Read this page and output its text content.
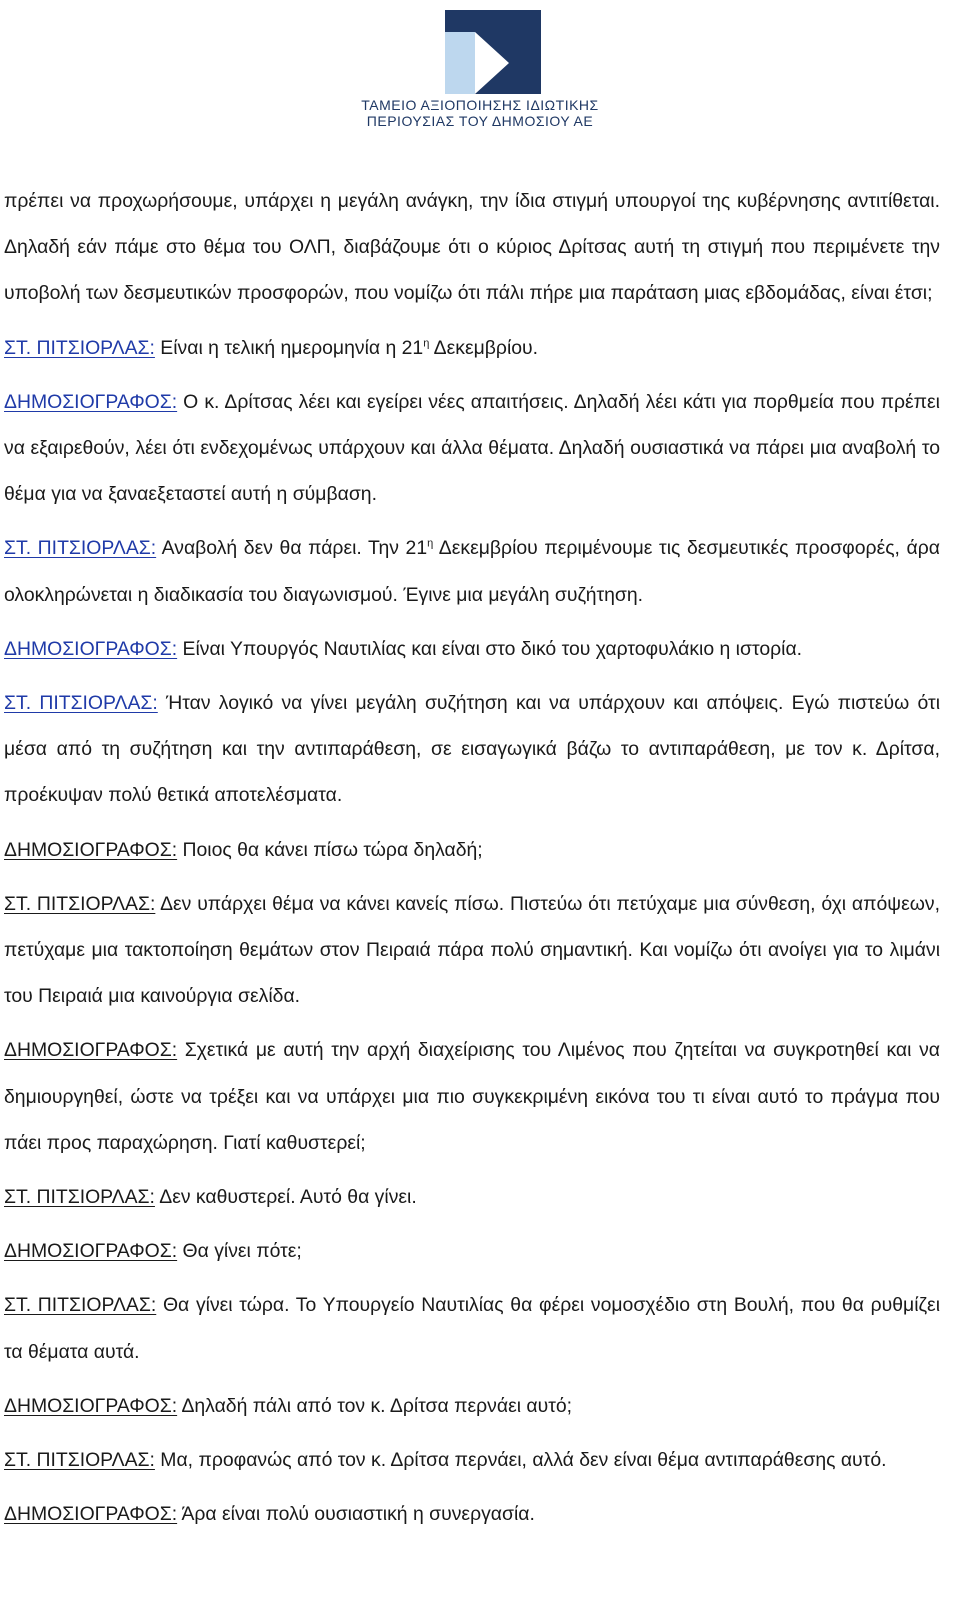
ΤΑΜΕΙΟ ΑΞΙΟΠΟΙΗΣΗΣ ΙΔΙΩΤΙΚΗΣ
ΠΕΡΙΟΥΣΙΑΣ ΤΟΥ ΔΗΜΟΣΙΟΥ ΑΕ

πρέπει να προχωρήσουμε, υπάρχει η μεγάλη ανάγκη, την ίδια στιγμή υπουργοί της κυβέρνησης αντιτίθεται. Δηλαδή εάν πάμε στο θέμα του ΟΛΠ, διαβάζουμε ότι ο κύριος Δρίτσας αυτή τη στιγμή που περιμένετε την υποβολή των δεσμευτικών προσφορών, που νομίζω ότι πάλι πήρε μια παράταση μιας εβδομάδας, είναι έτσι;

ΣΤ. ΠΙΤΣΙΟΡΛΑΣ: Είναι η τελική ημερομηνία η $21^\eta$ Δεκεμβρίου.

ΔΗΜΟΣΙΟΓΡΑΦΟΣ: Ο κ. Δρίτσας λέει και εγείρει νέες απαιτήσεις. Δηλαδή λέει κάτι για πορθμεία που πρέπει να εξαιρεθούν, λέει ότι ενδεχομένως υπάρχουν και άλλα θέματα. Δηλαδή ουσιαστικά να πάρει μια αναβολή το θέμα για να ξαναεξεταστεί αυτή η σύμβαση.

ΣΤ. ΠΙΤΣΙΟΡΛΑΣ: Αναβολή δεν θα πάρει. Την $21^\eta$ Δεκεμβρίου περιμένουμε τις δεσμευτικές προσφορές, άρα ολοκληρώνεται η διαδικασία του διαγωνισμού. Έγινε μια μεγάλη συζήτηση.

ΔΗΜΟΣΙΟΓΡΑΦΟΣ: Είναι Υπουργός Ναυτιλίας και είναι στο δικό του χαρτοφυλάκιο η ιστορία.

ΣΤ. ΠΙΤΣΙΟΡΛΑΣ: Ήταν λογικό να γίνει μεγάλη συζήτηση και να υπάρχουν και απόψεις. Εγώ πιστεύω ότι μέσα από τη συζήτηση και την αντιπαράθεση, σε εισαγωγικά βάζω το αντιπαράθεση, με τον κ. Δρίτσα, προέκυψαν πολύ θετικά αποτελέσματα.

ΔΗΜΟΣΙΟΓΡΑΦΟΣ: Ποιος θα κάνει πίσω τώρα δηλαδή;

ΣΤ. ΠΙΤΣΙΟΡΛΑΣ: Δεν υπάρχει θέμα να κάνει κανείς πίσω. Πιστεύω ότι πετύχαμε μια σύνθεση, όχι απόψεων, πετύχαμε μια τακτοποίηση θεμάτων στον Πειραιά πάρα πολύ σημαντική. Και νομίζω ότι ανοίγει για το λιμάνι του Πειραιά μια καινούργια σελίδα.

ΔΗΜΟΣΙΟΓΡΑΦΟΣ: Σχετικά με αυτή την αρχή διαχείρισης του Λιμένος που ζητείται να συγκροτηθεί και να δημιουργηθεί, ώστε να τρέξει και να υπάρχει μια πιο συγκεκριμένη εικόνα του τι είναι αυτό το πράγμα που πάει προς παραχώρηση. Γιατί καθυστερεί;

ΣΤ. ΠΙΤΣΙΟΡΛΑΣ: Δεν καθυστερεί. Αυτό θα γίνει.

ΔΗΜΟΣΙΟΓΡΑΦΟΣ: Θα γίνει πότε;

ΣΤ. ΠΙΤΣΙΟΡΛΑΣ: Θα γίνει τώρα. Το Υπουργείο Ναυτιλίας θα φέρει νομοσχέδιο στη Βουλή, που θα ρυθμίζει τα θέματα αυτά.

ΔΗΜΟΣΙΟΓΡΑΦΟΣ: Δηλαδή πάλι από τον κ. Δρίτσα περνάει αυτό;

ΣΤ. ΠΙΤΣΙΟΡΛΑΣ: Μα, προφανώς από τον κ. Δρίτσα περνάει, αλλά δεν είναι θέμα αντιπαράθεσης αυτό.

ΔΗΜΟΣΙΟΓΡΑΦΟΣ: Άρα είναι πολύ ουσιαστική η συνεργασία.
